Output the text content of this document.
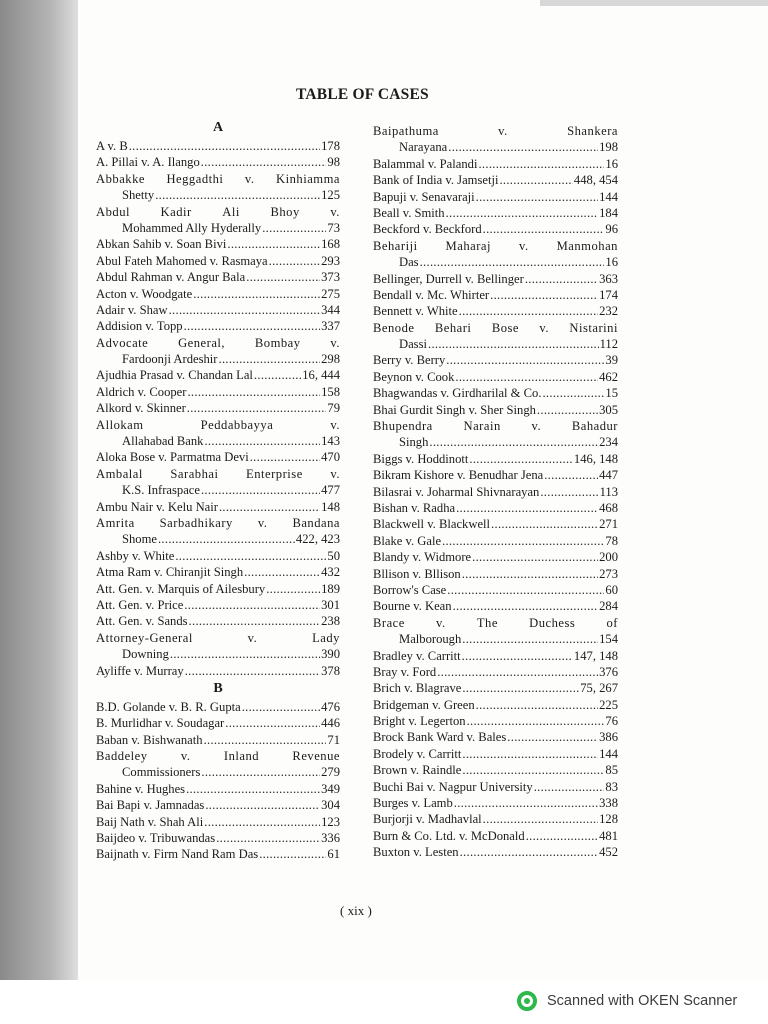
TABLE OF CASES
A
A v. B .....	178
A. Pillai v. A. Ilango .....	98
Abbakke Heggadthi v. Kinhiamma
Shetty .....	125
Abdul Kadir Ali Bhoy v.
Mohammed Ally Hyderally .....	73
Abkan Sahib v. Soan Bivi .....	168
Abul Fateh Mahomed v. Rasmaya .....	293
Abdul Rahman v. Angur Bala .....	373
Acton v. Woodgate .....	275
Adair v. Shaw .....	344
Addision v. Topp .....	337
Advocate General, Bombay v.
Fardoonji Ardeshir .....	298
Ajudhia Prasad v. Chandan Lal .....	16, 444
Aldrich v. Cooper .....	158
Alkord v. Skinner .....	79
Allokam	Peddabbayya	v.
Allahabad Bank .....	143
Aloka Bose v. Parmatma Devi .....	470
Ambalal Sarabhai Enterprise v.
K.S. Infraspace .....	477
Ambu Nair v. Kelu Nair .....	148
Amrita Sarbadhikary v. Bandana
Shome .....	422, 423
Ashby v. White .....	50
Atma Ram v. Chiranjit Singh .....	432
Att. Gen. v. Marquis of Ailesbury .....	189
Att. Gen. v. Price .....	301
Att. Gen. v. Sands .....	238
Attorney-General	v.	Lady
Downing .....	390
Ayliffe v. Murray .....	378
B
B.D. Golande v. B. R. Gupta .....	476
B. Murlidhar v. Soudagar .....	446
Baban v. Bishwanath .....	71
Baddeley	v.	Inland	Revenue
Commissioners .....	279
Bahine v. Hughes .....	349
Bai Bapi v. Jamnadas .....	304
Baij Nath v. Shah Ali .....	123
Baijdeo v. Tribuwandas .....	336
Baijnath v. Firm Nand Ram Das .....	61
Baipathuma	v.	Shankera
Narayana .....	198
Balammal v. Palandi .....	16
Bank of India v. Jamsetji .....	448, 454
Bapuji v. Senavaraji .....	144
Beall v. Smith .....	184
Beckford v. Beckford .....	96
Behariji Maharaj v. Manmohan
Das .....	16
Bellinger, Durrell v. Bellinger .....	363
Bendall v. Mc. Whirter .....	174
Bennett v. White .....	232
Benode Behari Bose v. Nistarini
Dassi .....	112
Berry v. Berry .....	39
Beynon v. Cook .....	462
Bhagwandas v. Girdharilal & Co. .....	15
Bhai Gurdit Singh v. Sher Singh .....	305
Bhupendra Narain v. Bahadur
Singh .....	234
Biggs v. Hoddinott .....	146, 148
Bikram Kishore v. Benudhar Jena .....	447
Bilasrai v. Joharmal Shivnarayan .....	113
Bishan v. Radha .....	468
Blackwell v. Blackwell .....	271
Blake v. Gale .....	78
Blandy v. Widmore .....	200
Bllison v. Bllison .....	273
Borrow's Case .....	60
Bourne v. Kean .....	284
Brace v. The Duchess of
Malborough .....	154
Bradley v. Carritt .....	147, 148
Bray v. Ford .....	376
Brich v. Blagrave .....	75, 267
Bridgeman v. Green .....	225
Bright v. Legerton .....	76
Brock Bank Ward v. Bales .....	386
Brodely v. Carritt .....	144
Brown v. Raindle .....	85
Buchi Bai v. Nagpur University .....	83
Burges v. Lamb .....	338
Burjorji v. Madhavlal .....	128
Burn & Co. Ltd. v. McDonald .....	481
Buxton v. Lesten .....	452
( xix )
Scanned with OKEN Scanner
